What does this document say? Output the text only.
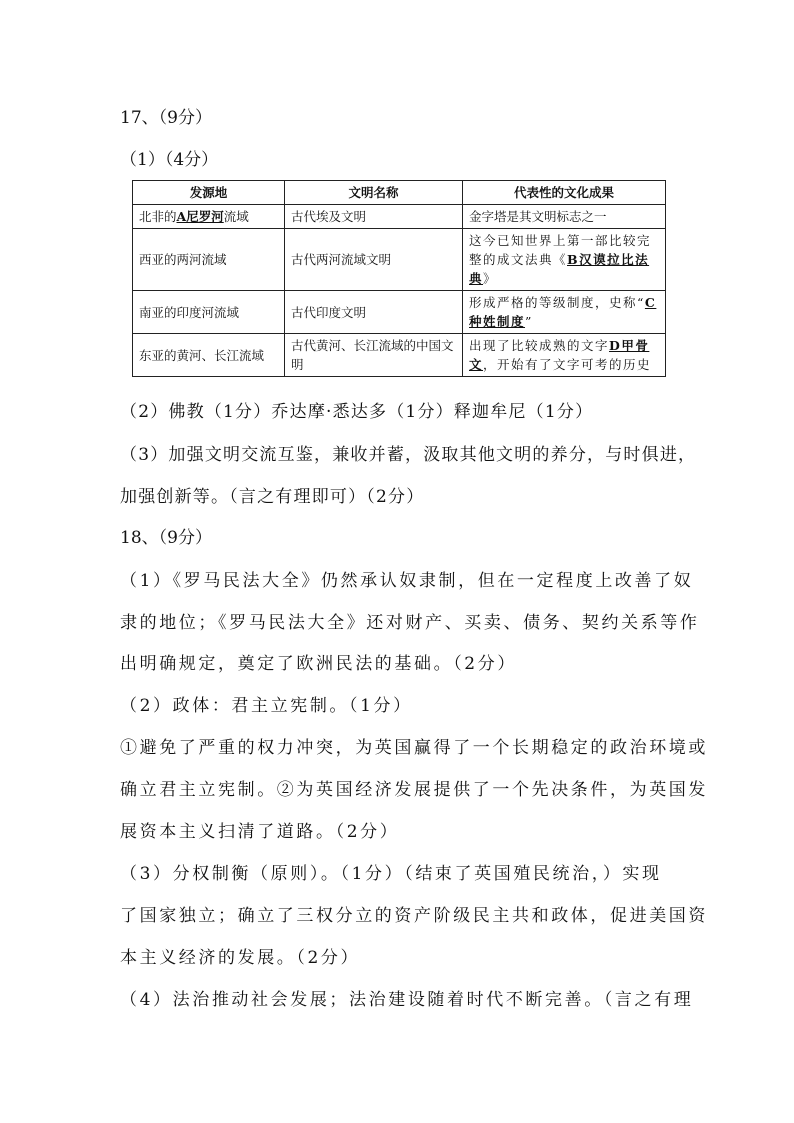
17、（9分）
（1）（4分）
发源地	文明名称	代表性的文化成果
北非的A尼罗河流域	古代埃及文明	金字塔是其文明标志之一
西亚的两河流域	古代两河流域文明	这今已知世界上第一部比较完整的成文法典《B汉谟拉比法典》
南亚的印度河流域	古代印度文明	形成严格的等级制度，史称“C种姓制度”
东亚的黄河、长江流域	古代黄河、长江流域的中国文明	出现了比较成熟的文字D甲骨文，开始有了文字可考的历史
（2）佛教（1分）乔达摩·悉达多（1分）释迦牟尼（1分）
（3）加强文明交流互鉴，兼收并蓄，汲取其他文明的养分，与时俱进，
加强创新等。（言之有理即可）（2分）
18、（9分）
（1）《罗马民法大全》仍然承认奴隶制，但在一定程度上改善了奴
隶的地位；《罗马民法大全》还对财产、买卖、债务、契约关系等作
出明确规定，奠定了欧洲民法的基础。（2分）
（2）政体：君主立宪制。（1分）
①避免了严重的权力冲突，为英国赢得了一个长期稳定的政治环境或
确立君主立宪制。②为英国经济发展提供了一个先决条件，为英国发
展资本主义扫清了道路。（2分）
（3）分权制衡（原则）。（1分）（结束了英国殖民统治，）实现
了国家独立；确立了三权分立的资产阶级民主共和政体，促进美国资
本主义经济的发展。（2分）
（4）法治推动社会发展；法治建设随着时代不断完善。（言之有理
